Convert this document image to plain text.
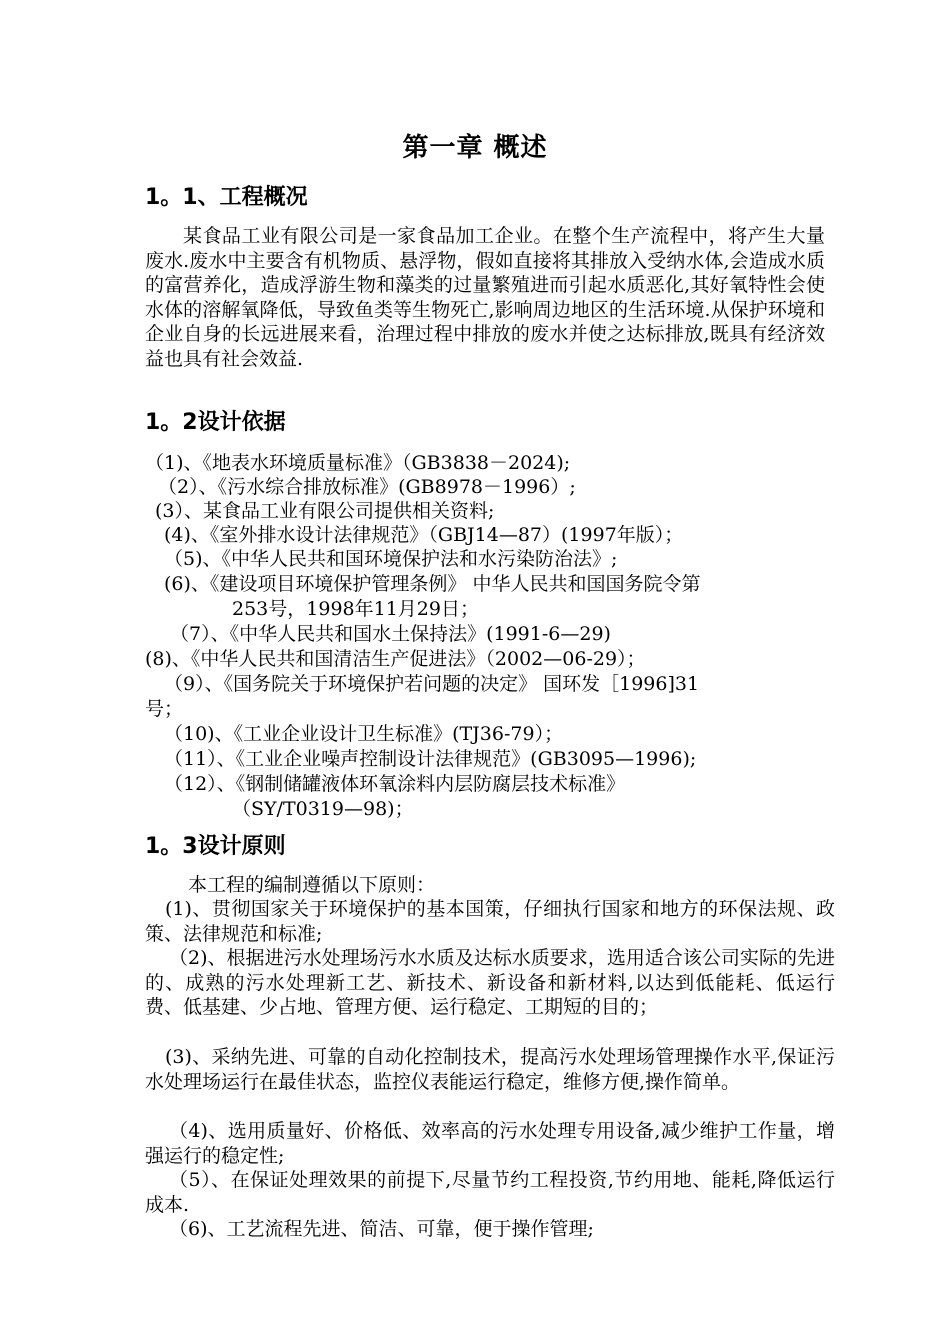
第一章 概述
1。1、工程概况

某食品工业有限公司是一家食品加工企业。在整个生产流程中，将产生大量废水.废水中主要含有机物质、悬浮物，假如直接将其排放入受纳水体,会造成水质的富营养化，造成浮游生物和藻类的过量繁殖进而引起水质恶化,其好氧特性会使水体的溶解氧降低，导致鱼类等生物死亡,影响周边地区的生活环境.从保护环境和企业自身的长远进展来看，治理过程中排放的废水并使之达标排放,既具有经济效益也具有社会效益.

1。2设计依据

（1)、《地表水环境质量标准》（GB3838－2024);

（2）、《污水综合排放标准》(GB8978－1996）;

(3）、某食品工业有限公司提供相关资料;

(4)、《室外排水设计法律规范》（GBJ14—87）(1997年版）；

（5)、《中华人民共和国环境保护法和水污染防治法》;

(6)、《建设项目环境保护管理条例》 中华人民共和国国务院令第

253号，1998年11月29日；

（7）、《中华人民共和国水土保持法》(1991-6—29)

(8)、《中华人民共和国清洁生产促进法》（2002—06-29）；

（9）、《国务院关于环境保护若问题的决定》 国环发［1996]31

号；

（10)、《工业企业设计卫生标准》(TJ36-79）；

（11）、《工业企业噪声控制设计法律规范》(GB3095—1996);

（12）、《钢制储罐液体环氧涂料内层防腐层技术标准》

（SY/T0319—98)；

1。3设计原则

本工程的编制遵循以下原则：

(1)、贯彻国家关于环境保护的基本国策，仔细执行国家和地方的环保法规、政策、法律规范和标准;

（2)、根据进污水处理场污水水质及达标水质要求，选用适合该公司实际的先进的、成熟的污水处理新工艺、新技术、新设备和新材料,以达到低能耗、低运行费、低基建、少占地、管理方便、运行稳定、工期短的目的；

(3)、采纳先进、可靠的自动化控制技术，提高污水处理场管理操作水平,保证污水处理场运行在最佳状态，监控仪表能运行稳定，维修方便,操作简单。

（4)、选用质量好、价格低、效率高的污水处理专用设备,减少维护工作量，增强运行的稳定性;

（5）、在保证处理效果的前提下,尽量节约工程投资,节约用地、能耗,降低运行成本.

（6)、工艺流程先进、简洁、可靠，便于操作管理;
